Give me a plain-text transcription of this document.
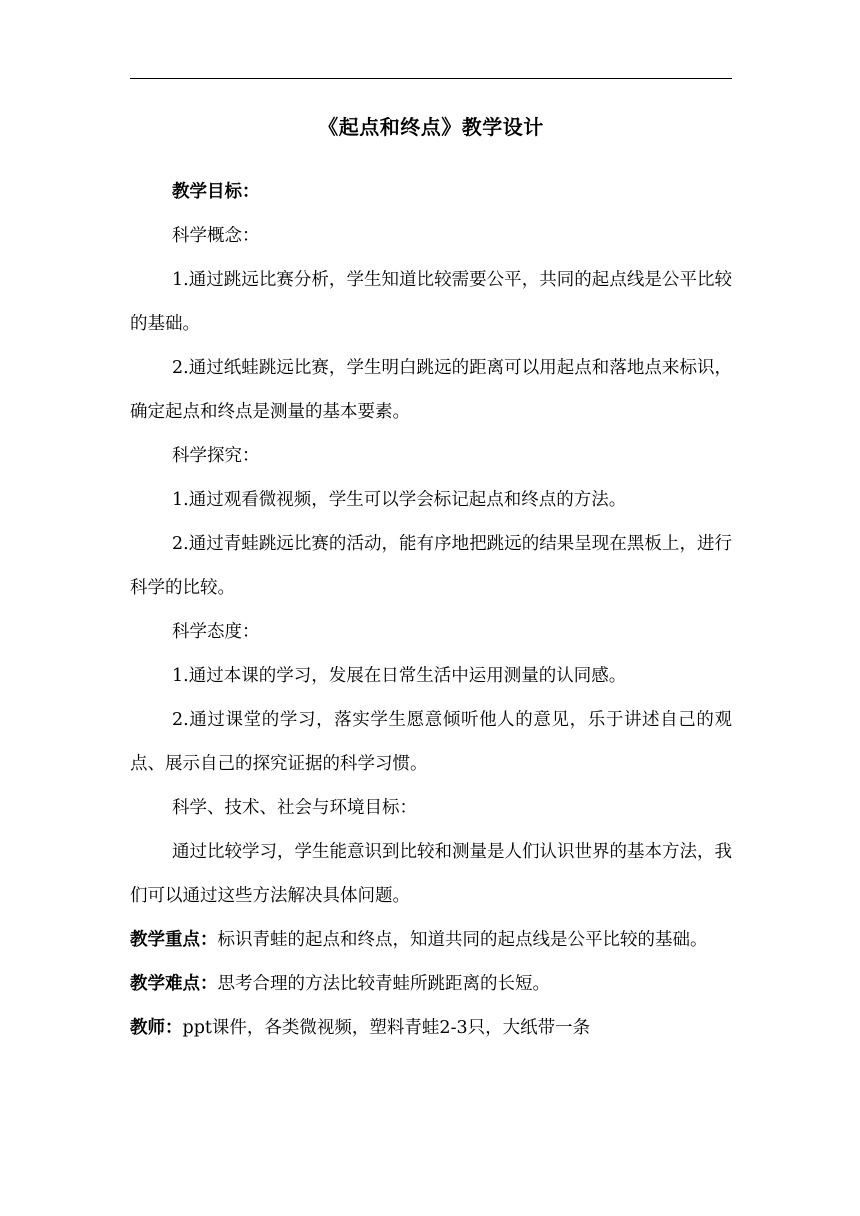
《起点和终点》教学设计

教学目标：

科学概念：

1.通过跳远比赛分析，学生知道比较需要公平，共同的起点线是公平比较的基础。

2.通过纸蛙跳远比赛，学生明白跳远的距离可以用起点和落地点来标识，确定起点和终点是测量的基本要素。

科学探究：

1.通过观看微视频，学生可以学会标记起点和终点的方法。

2.通过青蛙跳远比赛的活动，能有序地把跳远的结果呈现在黑板上，进行科学的比较。

科学态度：

1.通过本课的学习，发展在日常生活中运用测量的认同感。

2.通过课堂的学习，落实学生愿意倾听他人的意见，乐于讲述自己的观点、展示自己的探究证据的科学习惯。

科学、技术、社会与环境目标：

通过比较学习，学生能意识到比较和测量是人们认识世界的基本方法，我们可以通过这些方法解决具体问题。

教学重点：标识青蛙的起点和终点，知道共同的起点线是公平比较的基础。

教学难点：思考合理的方法比较青蛙所跳距离的长短。

教师：ppt课件，各类微视频，塑料青蛙2-3只，大纸带一条
